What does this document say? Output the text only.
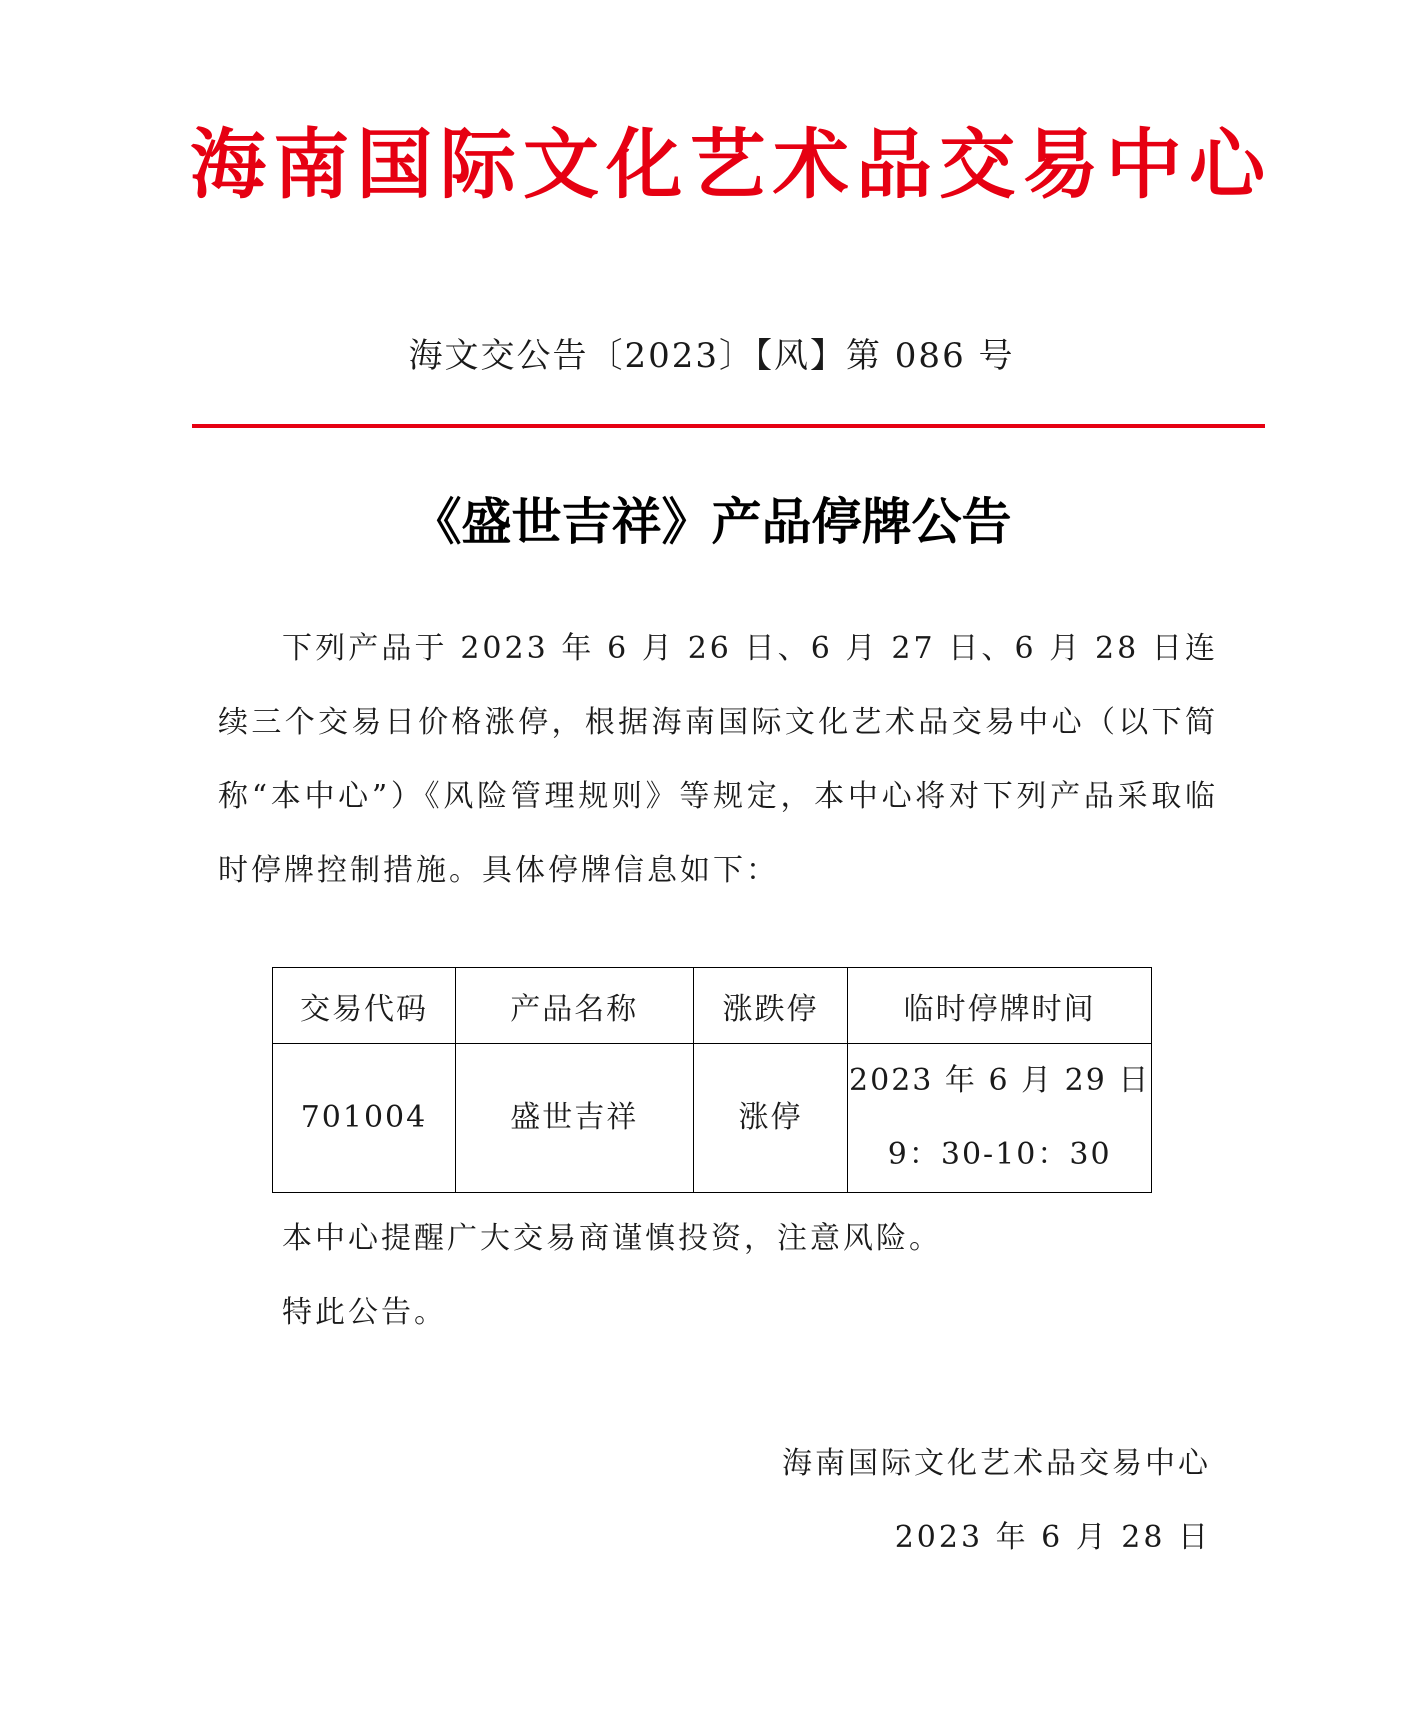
海 南 国 际 文 化 艺 术 品 交 易 中 心
海文交公告〔2023〕【风】第 086 号
《盛世吉祥》产品停牌公告

下列产品于 2023 年 6 月 26 日、6 月 27 日、6 月 28 日连续三个交易日价格涨停，根据海南国际文化艺术品交易中心（以下简称“本中心”）《风险管理规则》等规定，本中心将对下列产品采取临时停牌控制措施。具体停牌信息如下：

交易代码	产品名称	涨跌停	临时停牌时间
701004	盛世吉祥	涨停	2023 年 6 月 29 日
9：30-10：30
本中心提醒广大交易商谨慎投资，注意风险。
特此公告。
海南国际文化艺术品交易中心
2023 年 6 月 28 日
